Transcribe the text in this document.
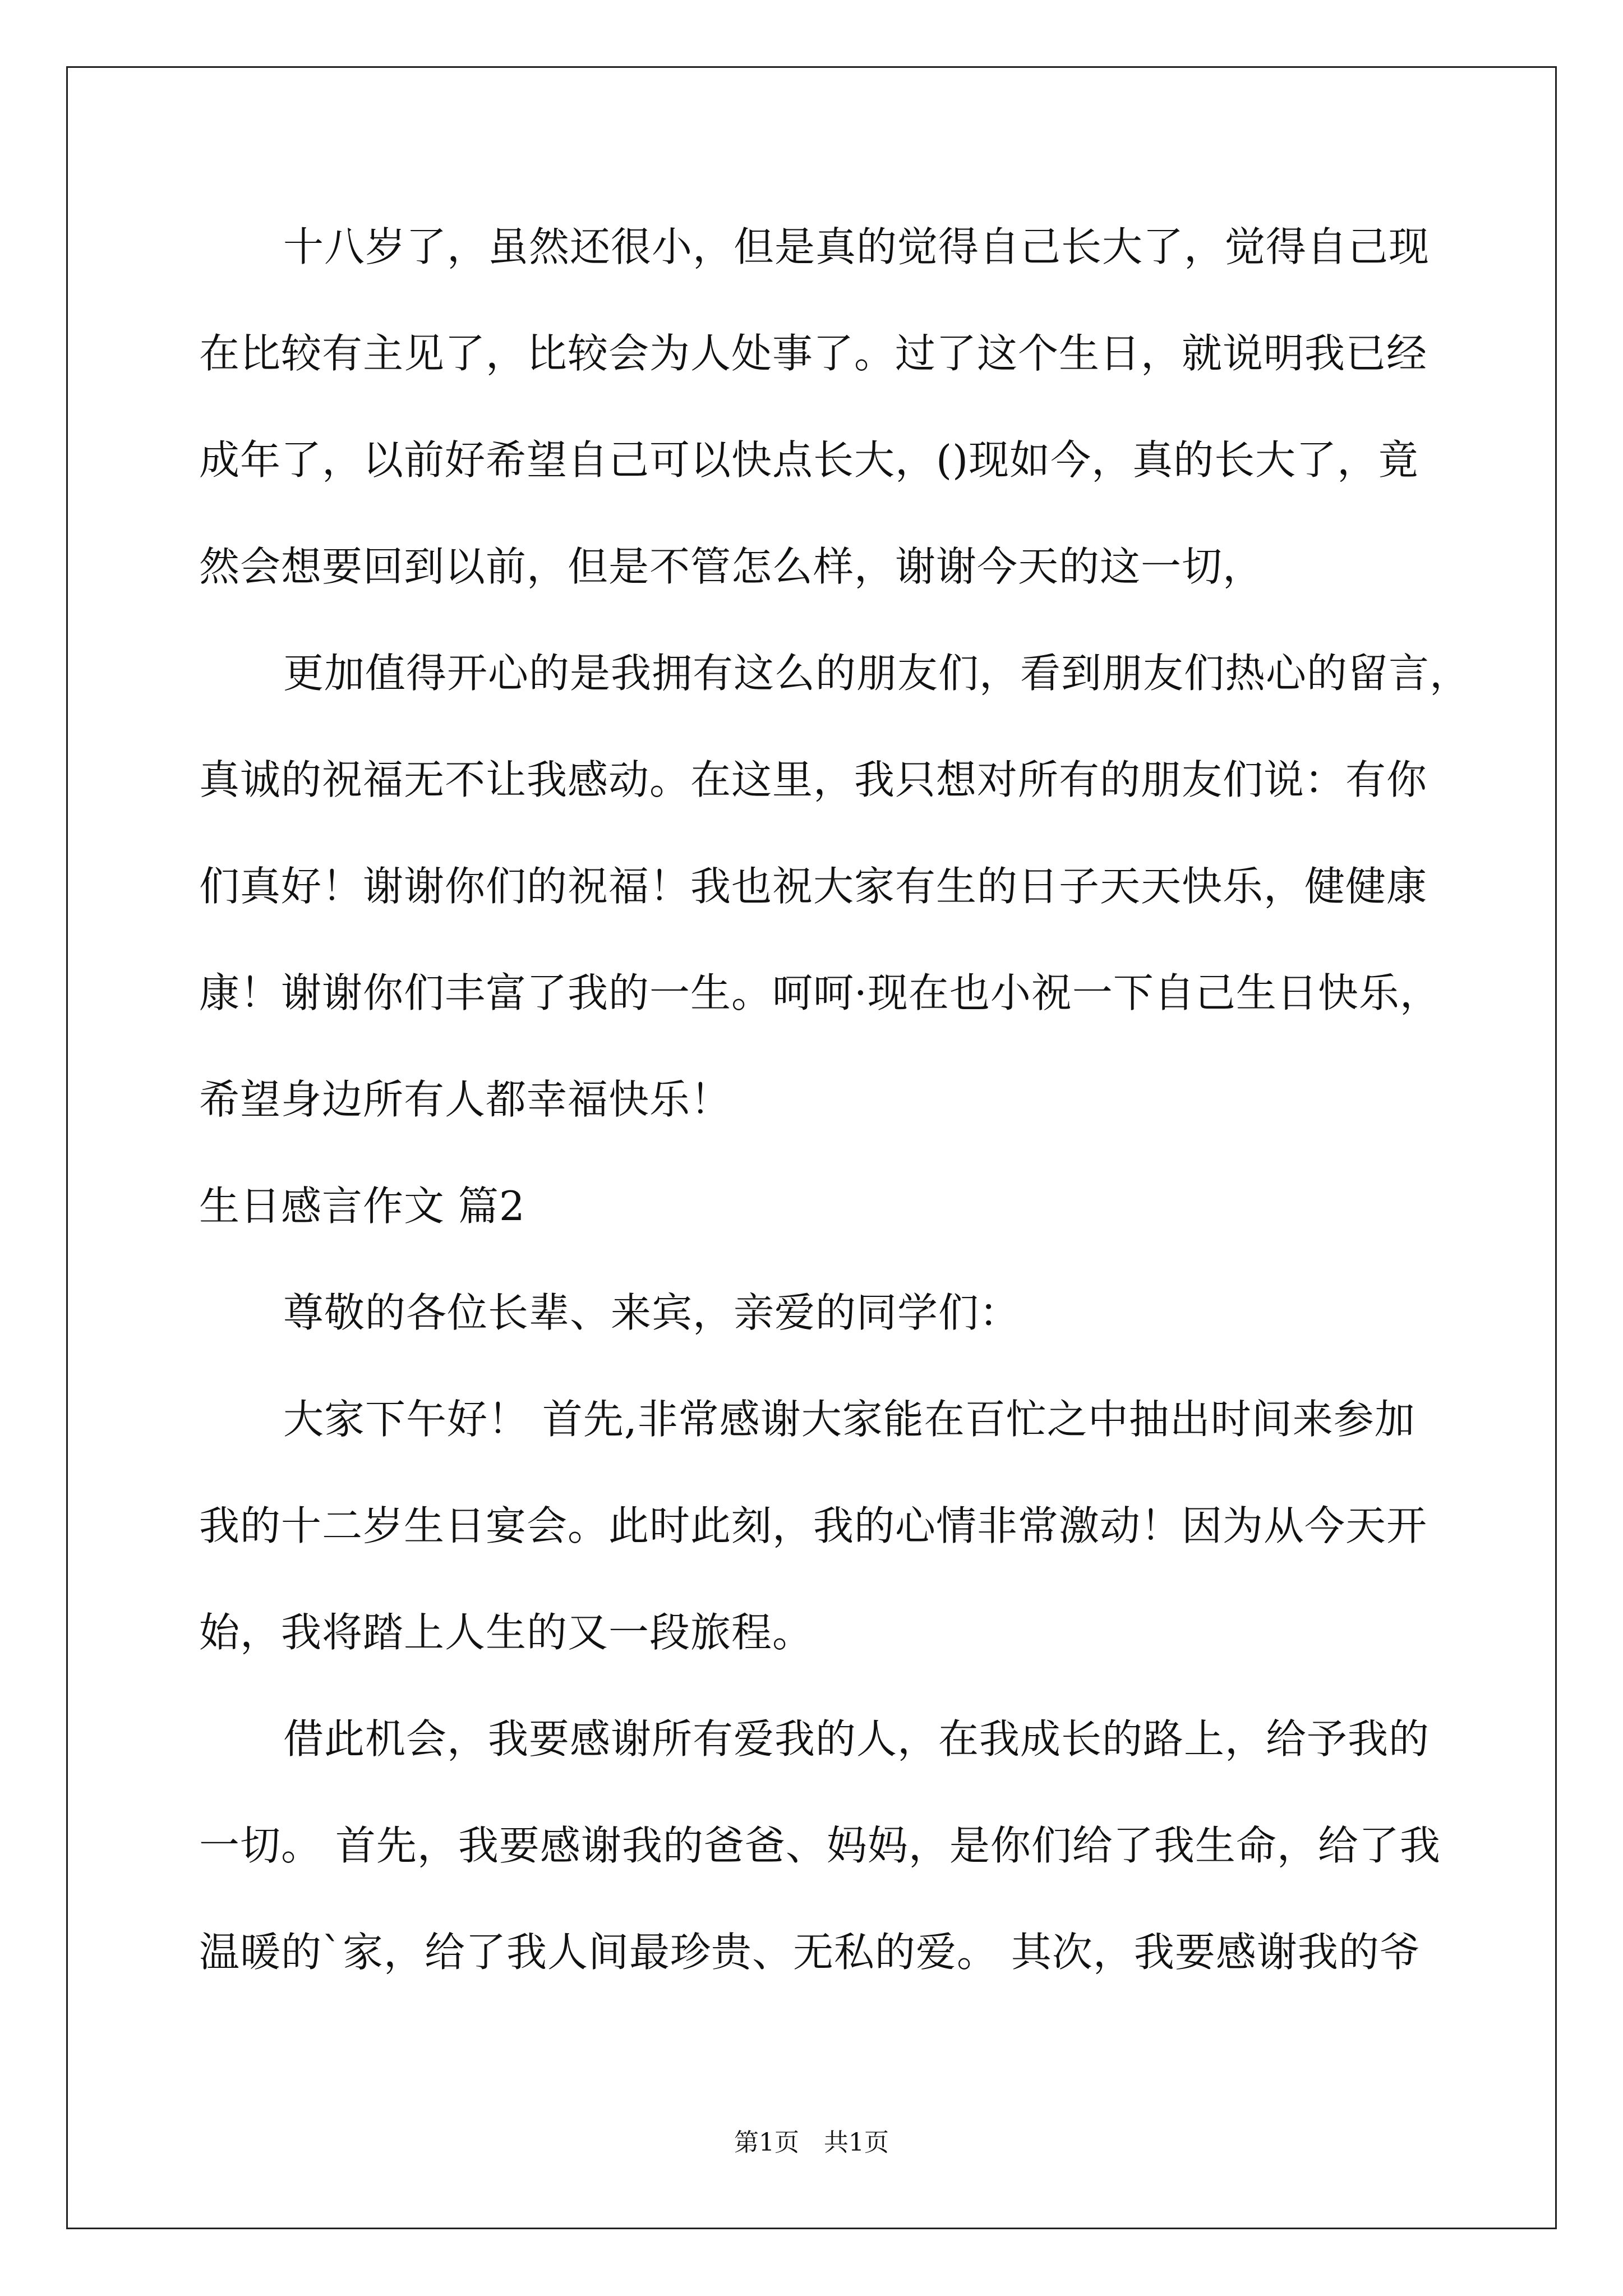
十八岁了，虽然还很小，但是真的觉得自己长大了，觉得自己现
在比较有主见了，比较会为人处事了。过了这个生日，就说明我已经
成年了，以前好希望自己可以快点长大，()现如今，真的长大了，竟
然会想要回到以前，但是不管怎么样，谢谢今天的这一切，
更加值得开心的是我拥有这么的朋友们，看到朋友们热心的留言，
真诚的祝福无不让我感动。在这里，我只想对所有的朋友们说：有你
们真好！谢谢你们的祝福！我也祝大家有生的日子天天快乐，健健康
康！谢谢你们丰富了我的一生。呵呵·现在也小祝一下自己生日快乐，
希望身边所有人都幸福快乐！
生日感言作文 篇2
尊敬的各位长辈、来宾，亲爱的同学们：
大家下午好！ 首先,非常感谢大家能在百忙之中抽出时间来参加
我的十二岁生日宴会。此时此刻，我的心情非常激动！因为从今天开
始，我将踏上人生的又一段旅程。
借此机会，我要感谢所有爱我的人，在我成长的路上，给予我的
一切。 首先，我要感谢我的爸爸、妈妈，是你们给了我生命，给了我
温暖的`家，给了我人间最珍贵、无私的爱。 其次，我要感谢我的爷
第1页　共1页
